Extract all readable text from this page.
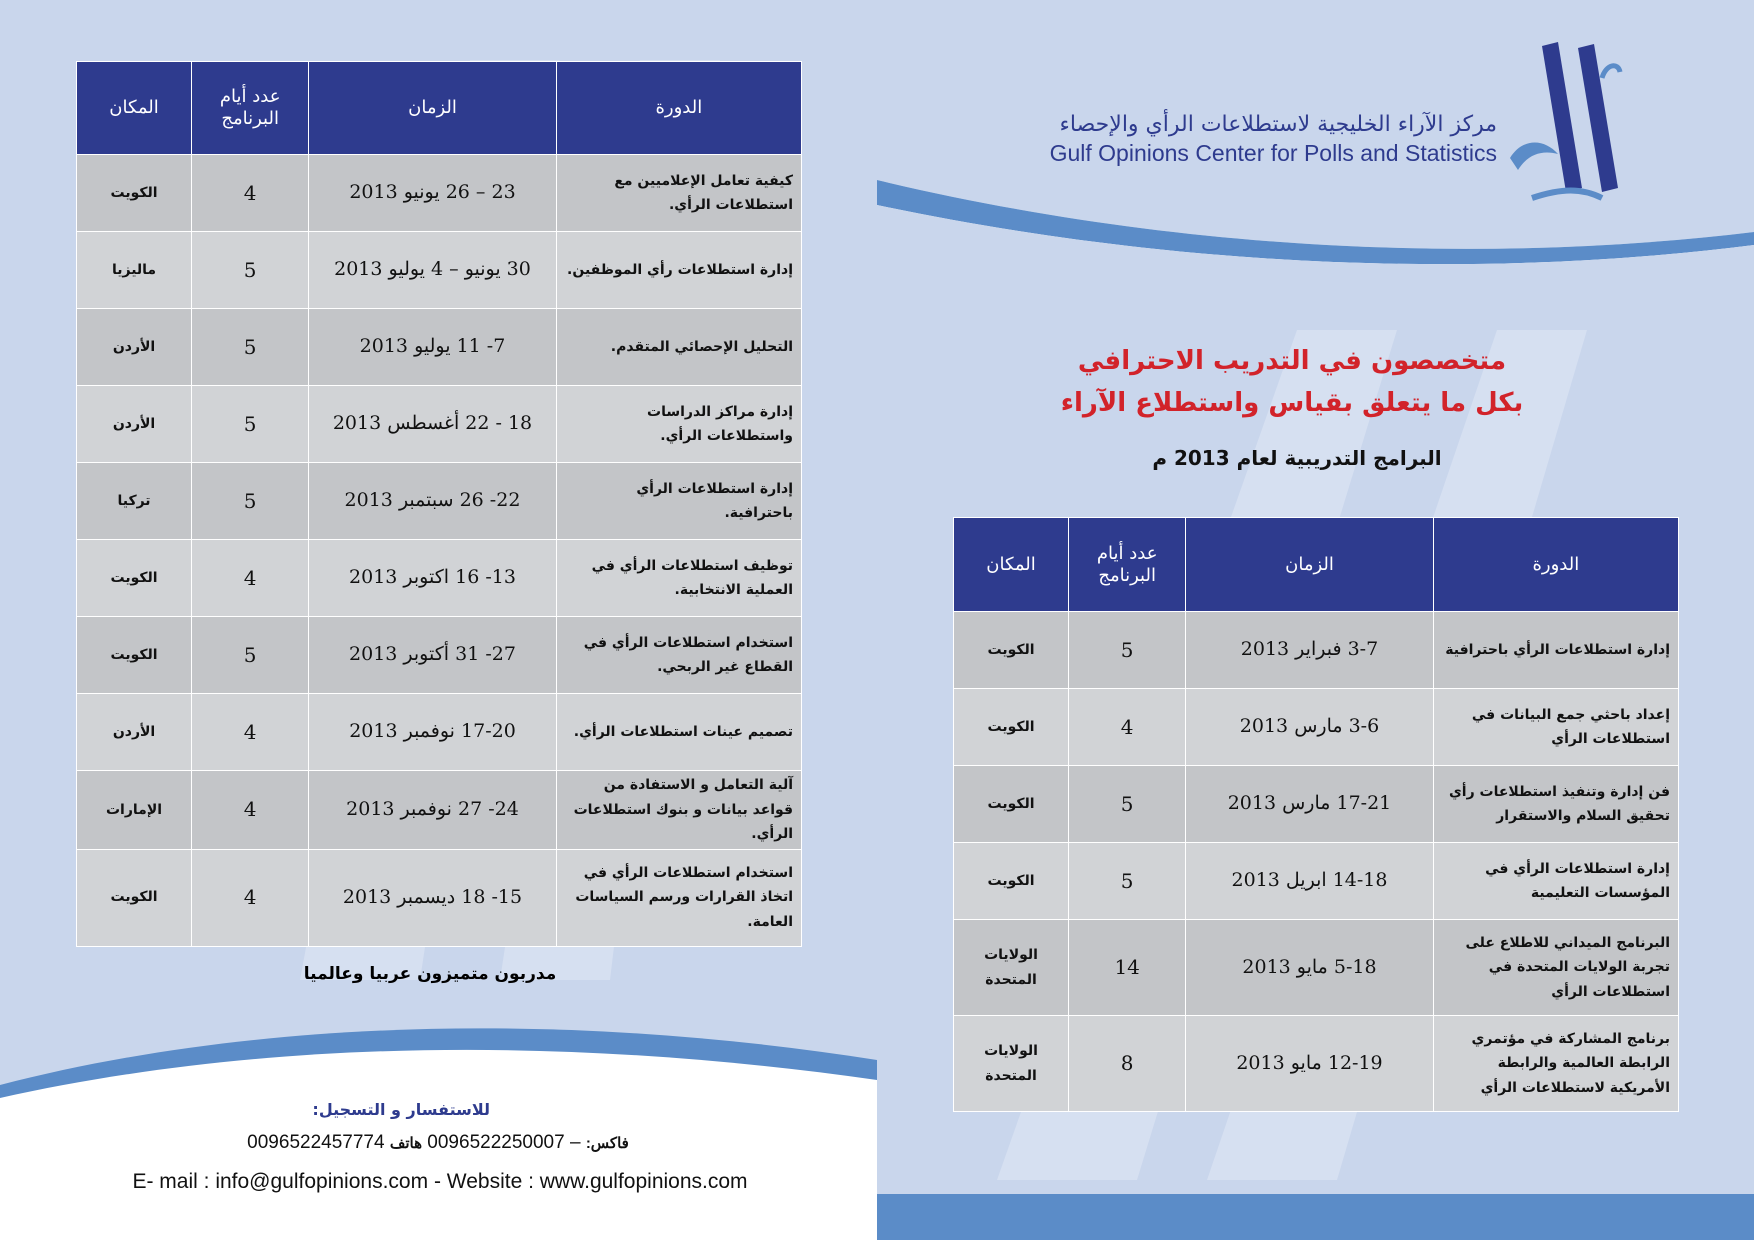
الدورة	الزمان	عدد أيام البرنامج	المكان
كيفية تعامل الإعلاميين مع استطلاعات الرأي.	23 – 26 يونيو 2013	4	الكويت
إدارة استطلاعات رأي الموظفين.	30 يونيو – 4 يوليو 2013	5	ماليزيا
التحليل الإحصائي المتقدم.	7- 11 يوليو 2013	5	الأردن
إدارة مراكز الدراسات واستطلاعات الرأي.	18 - 22 أغسطس 2013	5	الأردن
إدارة استطلاعات الرأي باحترافية.	22- 26 سبتمبر 2013	5	تركيا
توظيف استطلاعات الرأي في العملية الانتخابية.	13- 16 اكتوبر 2013	4	الكويت
استخدام استطلاعات الرأي في القطاع غير الربحي.	27- 31 أكتوبر 2013	5	الكويت
تصميم عينات استطلاعات الرأي.	17-20 نوفمبر 2013	4	الأردن
آلية التعامل و الاستفادة من قواعد بيانات و بنوك استطلاعات الرأي.	24- 27 نوفمبر 2013	4	الإمارات
استخدام استطلاعات الرأي في اتخاذ القرارات ورسم السياسات العامة.	15- 18 ديسمبر 2013	4	الكويت
مدربون متميزون عربيا وعالميا
للاستفسار و التسجيل:
0096522457774	فاكس: – 0096522250007 هاتف
E- mail : info@gulfopinions.com - Website : www.gulfopinions.com
مركز الآراء الخليجية لاستطلاعات الرأي والإحصاء
Gulf Opinions Center for Polls and Statistics
متخصصون في التدريب الاحترافي
بكل ما يتعلق بقياس واستطلاع الآراء
البرامج التدريبية لعام 2013 م
الدورة	الزمان	عدد أيام البرنامج	المكان
إدارة استطلاعات الرأي باحترافية	3-7 فبراير 2013	5	الكويت
إعداد باحثي جمع البيانات في استطلاعات الرأي	3-6 مارس 2013	4	الكويت
فن إدارة وتنفيذ استطلاعات رأي تحقيق السلام والاستقرار	17-21 مارس 2013	5	الكويت
إدارة استطلاعات الرأي في المؤسسات التعليمية	14-18 ابريل 2013	5	الكويت
البرنامج الميداني للاطلاع على تجربة الولايات المتحدة في استطلاعات الرأي	5-18 مايو 2013	14	الولايات المتحدة
برنامج المشاركة في مؤتمري الرابطة العالمية والرابطة الأمريكية لاستطلاعات الرأي	12-19 مايو 2013	8	الولايات المتحدة
